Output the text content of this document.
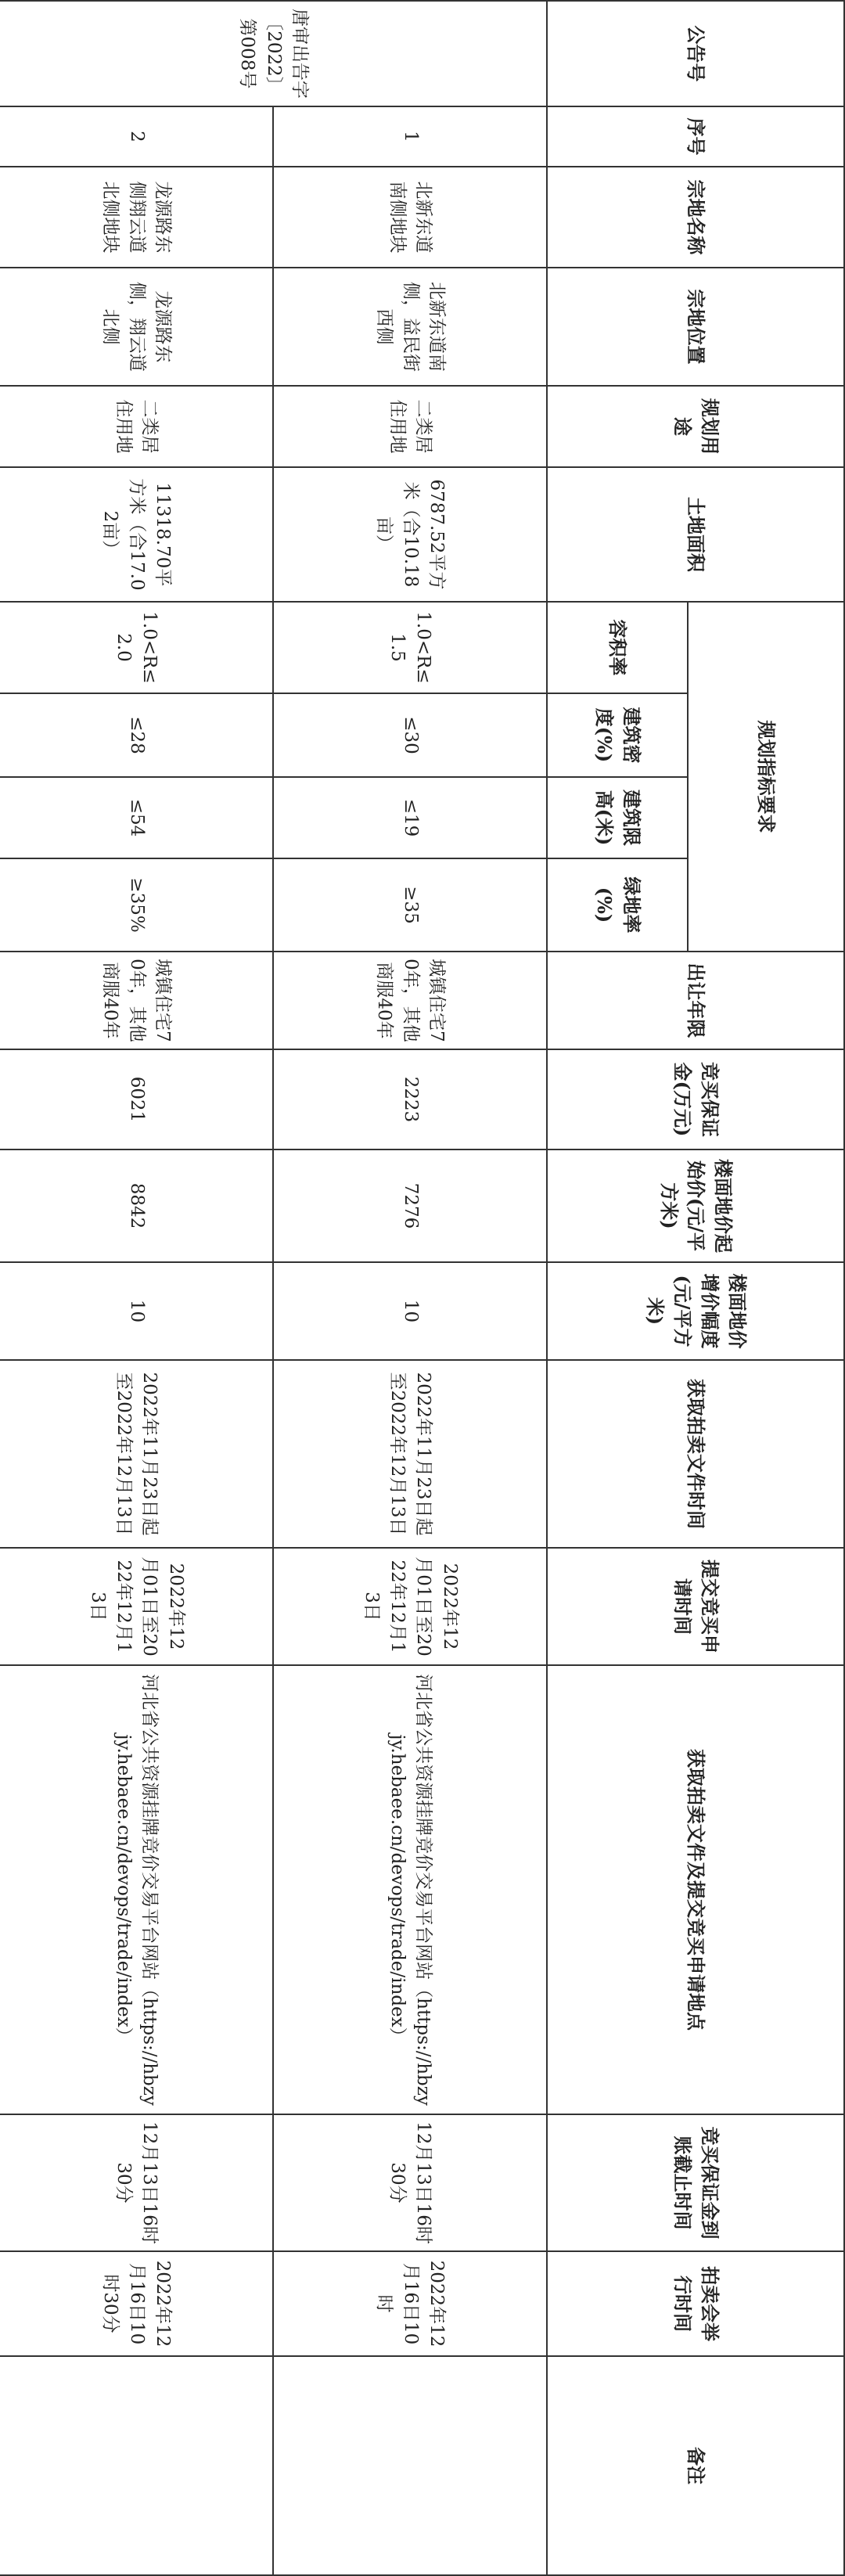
公告号	序号	宗地名称	宗地位置	规划用途	土地面积	规划指标要求				出让年限	竞买保证金(万元)	楼面地价起始价(元/平方米)	楼面地价增价幅度(元/平方米)	获取拍卖文件时间	提交竞买申请时间	获取拍卖文件及提交竞买申请地点	竞买保证金到账截止时间	拍卖会举行时间	备注
						容积率	建筑密度(%)	建筑限高(米)	绿地率(%)										
唐审出告字〔2022〕第008号	1	北新东道南侧地块	北新东道南侧，益民街西侧	二类居住用地	6787.52平方米（合10.18亩）	1.0<R≤1.5	≤30	≤19	≥35	城镇住宅70年，其他商服40年	2223	7276	10	2022年11月23日起至2022年12月13日	2022年12月01日至2022年12月13日	河北省公共资源挂牌竞价交易平台网站（https://hbzyjy.hebaee.cn/devops/trade/index）	12月13日16时30分	2022年12月16日10时	
	2	龙源路东侧翔云道北侧地块	龙源路东侧，翔云道北侧	二类居住用地	11318.70平方米（合17.02亩）	1.0<R≤2.0	≤28	≤54	≥35%	城镇住宅70年，其他商服40年	6021	8842	10	2022年11月23日起至2022年12月13日	2022年12月01日至2022年12月13日	河北省公共资源挂牌竞价交易平台网站（https://hbzyjy.hebaee.cn/devops/trade/index）	12月13日16时30分	2022年12月16日10时30分	
